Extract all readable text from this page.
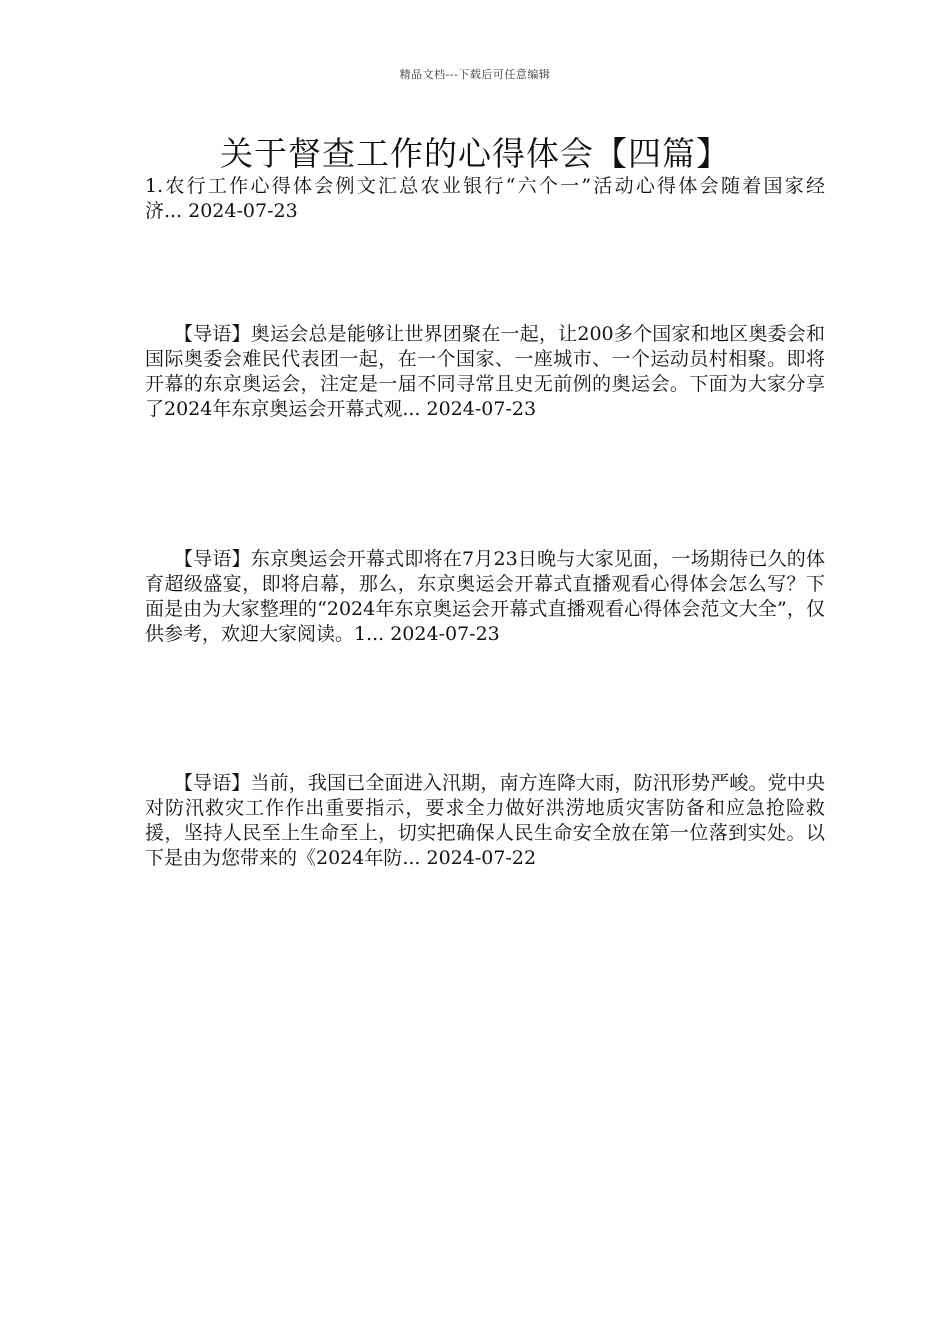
精品文档---下载后可任意编辑
关于督查工作的心得体会【四篇】

1.农行工作心得体会例文汇总农业银行“六个一”活动心得体会随着国家经济... 2024-07-23

　　【导语】奥运会总是能够让世界团聚在一起，让200多个国家和地区奥委会和国际奥委会难民代表团一起，在一个国家、一座城市、一个运动员村相聚。即将开幕的东京奥运会，注定是一届不同寻常且史无前例的奥运会。下面为大家分享了2024年东京奥运会开幕式观... 2024-07-23

　　【导语】东京奥运会开幕式即将在7月23日晚与大家见面，一场期待已久的体育超级盛宴，即将启幕，那么，东京奥运会开幕式直播观看心得体会怎么写？下面是由为大家整理的“2024年东京奥运会开幕式直播观看心得体会范文大全”，仅供参考，欢迎大家阅读。1... 2024-07-23

　　【导语】当前，我国已全面进入汛期，南方连降大雨，防汛形势严峻。党中央对防汛救灾工作作出重要指示，要求全力做好洪涝地质灾害防备和应急抢险救援，坚持人民至上生命至上，切实把确保人民生命安全放在第一位落到实处。以下是由为您带来的《2024年防... 2024-07-22
